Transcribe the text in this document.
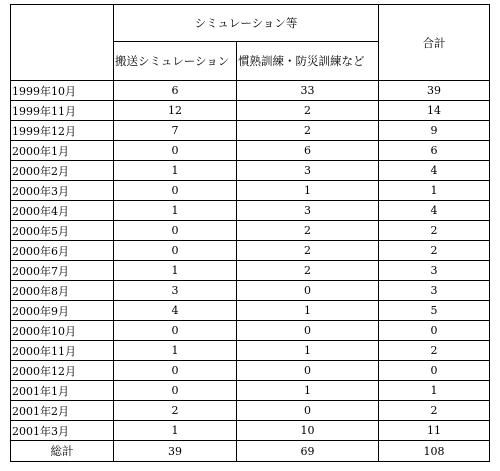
	シミュレーション等		合計
	搬送シミュレーション	慣熟訓練・防災訓練など	
1999年10月	6	33	39
1999年11月	12	2	14
1999年12月	7	2	9
2000年1月	0	6	6
2000年2月	1	3	4
2000年3月	0	1	1
2000年4月	1	3	4
2000年5月	0	2	2
2000年6月	0	2	2
2000年7月	1	2	3
2000年8月	3	0	3
2000年9月	4	1	5
2000年10月	0	0	0
2000年11月	1	1	2
2000年12月	0	0	0
2001年1月	0	1	1
2001年2月	2	0	2
2001年3月	1	10	11
総計	39	69	108
